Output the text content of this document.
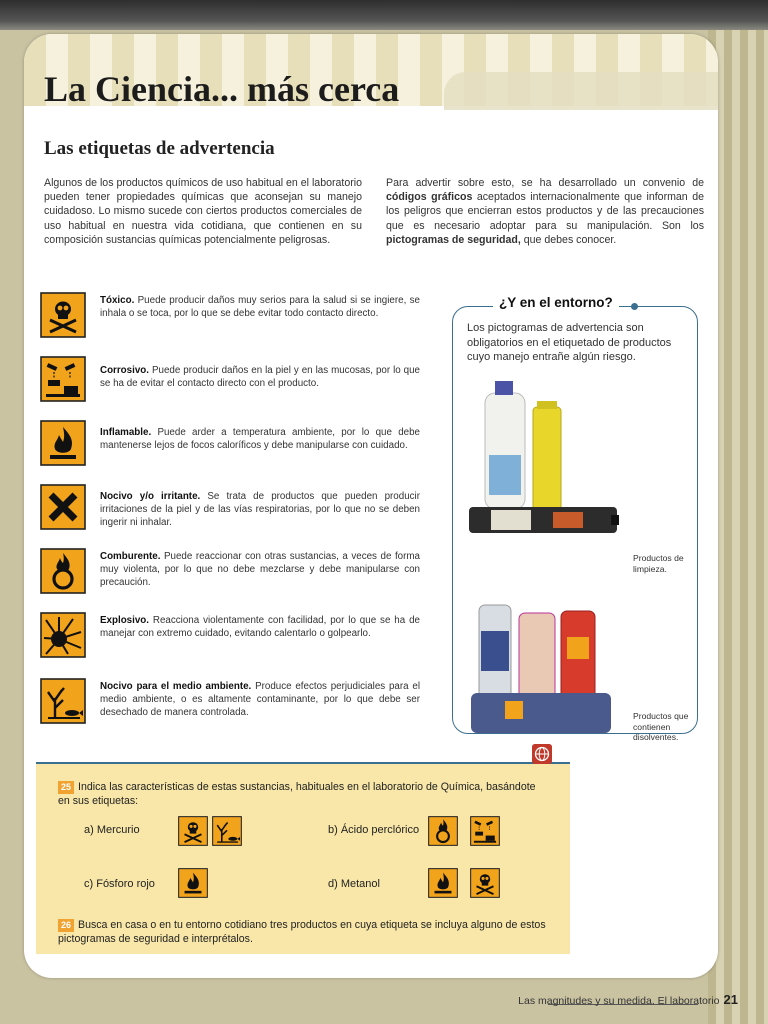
La Ciencia... más cerca
Las etiquetas de advertencia

Algunos de los productos químicos de uso habitual en el laboratorio pueden tener propiedades químicas que aconsejan su manejo cuidadoso. Lo mismo sucede con ciertos productos comerciales de uso habitual en nuestra vida cotidiana, que contienen en su composición sustancias químicas potencialmente peligrosas.

Para advertir sobre esto, se ha desarrollado un convenio de códigos gráficos aceptados internacionalmente que informan de los peligros que encierran estos productos y de las precauciones que es necesario adoptar para su manipulación. Son los pictogramas de seguridad, que debes conocer.

Tóxico. Puede producir daños muy serios para la salud si se ingiere, se inhala o se toca, por lo que se debe evitar todo contacto directo.

Corrosivo. Puede producir daños en la piel y en las mucosas, por lo que se ha de evitar el contacto directo con el producto.

Inflamable. Puede arder a temperatura ambiente, por lo que debe mantenerse lejos de focos caloríficos y debe manipularse con cuidado.

Nocivo y/o irritante. Se trata de productos que pueden producir irritaciones de la piel y de las vías respiratorias, por lo que no se deben ingerir ni inhalar.

Comburente. Puede reaccionar con otras sustancias, a veces de forma muy violenta, por lo que no debe mezclarse y debe manipularse con precaución.

Explosivo. Reacciona violentamente con facilidad, por lo que se ha de manejar con extremo cuidado, evitando calentarlo o golpearlo.

Nocivo para el medio ambiente. Produce efectos perjudiciales para el medio ambiente, o es altamente contaminante, por lo que debe ser desechado de manera controlada.

¿Y en el entorno?

Los pictogramas de advertencia son obligatorios en el etiquetado de productos cuyo manejo entrañe algún riesgo.

Productos de limpieza.

Productos que contienen disolventes.

25 Indica las características de estas sustancias, habituales en el laboratorio de Química, basándote en sus etiquetas:

a) Mercurio	b) Ácido perclórico
c) Fósforo rojo	d) Metanol

26 Busca en casa o en tu entorno cotidiano tres productos en cuya etiqueta se incluya alguno de estos pictogramas de seguridad e interprétalos.

Las magnitudes y su medida. El laboratorio 21
